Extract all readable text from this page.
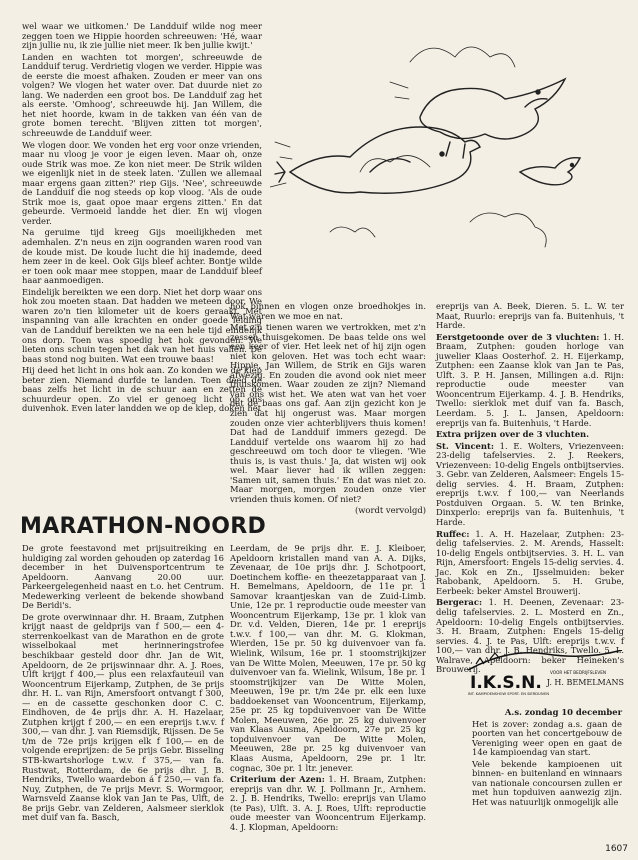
wel waar we uitkomen.' De Landduif wilde nog meer zeggen toen we Hippie hoorden schreeuwen: 'Hé, waar zijn jullie nu, ik zie jullie niet meer. Ik ben jullie kwijt.'

Landen en wachten tot morgen', schreeuwde de Landduif terug. Verdrietig vlogen we verder. Hippie was de eerste die moest afhaken. Zouden er meer van ons volgen? We vlogen het water over. Dat duurde niet zo lang. We naderden een groot bos. De Landduif zag het als eerste. 'Omhoog', schreeuwde hij. Jan Willem, die het niet hoorde, kwam in de takken van één van de grote bomen terecht. 'Blijven zitten tot morgen', schreeuwde de Landduif weer.

We vlogen door. We vonden het erg voor onze vrienden, maar nu vloog je voor je eigen leven. Maar oh, onze oude Strik was moe. Ze kon niet meer. De Strik wilden we eigenlijk niet in de steek laten. 'Zullen we allemaal maar ergens gaan zitten?' riep Gijs. 'Nee', schreeuwde de Landduif die nog steeds op kop vloog. 'Als de oude Strik moe is, gaat opoe maar ergens zitten.' En dat gebeurde. Vermoeid landde het dier. En wij vlogen verder.

Na geruime tijd kreeg Gijs moeilijkheden met ademhalen. Z'n neus en zijn oogranden waren rood van de koude mist. De koude lucht die hij inademde, deed hem zeer in de keel. Ook Gijs bleef achter. Bontje wilde er toen ook maar mee stoppen, maar de Landduif bleef haar aanmoedigen.

Eindelijk bereikten we een dorp. Niet het dorp waar ons hok zou moeten staan. Dat hadden we meteen door. We waren zo'n tien kilometer uit de koers geraakt. Met inspanning van alle krachten en onder goede leiding van de Landduif bereikten we na een hele tijd eindelijk ons dorp. Toen was spoedig het hok gevonden. We lieten ons schuin tegen het dak van het huis vallen. De baas stond nog buiten. Wat een trouwe baas!

Hij deed het licht in ons hok aan. Zo konden we de klep beter zien. Niemand durfde te landen. Toen deed de baas zelfs het licht in de schuur aan en zetten de schuurdeur open. Zo viel er genoeg licht op ons duivenhok. Even later landden we op de klep, doken het

hok binnen en vlogen onze broedhokjes in. Wat waren we moe en nat.

Met z'n tienen waren we vertrokken, met z'n zessen thuisgekomen. De baas telde ons wel een keer of vier. Het leek net of hij zijn ogen niet kon geloven. Het was toch echt waar: Hippie, Jan Willem, de Strik en Gijs waren afwezig. En zouden die avond ook niet meer thuiskomen. Waar zouden ze zijn? Niemand van ons wist het. We aten wat van het voer dat de baas ons gaf. Aan zijn gezicht kon je zien dat hij ongerust was. Maar morgen zouden onze vier achterblijvers thuis komen! Dat had de Landduif immers gezegd. De Landduif vertelde ons waarom hij zo had geschreeuwd om toch door te vliegen. 'Wie thuis is, is vast thuis.' Ja, dat wisten wij ook wel. Maar liever had ik willen zeggen: 'Samen uit, samen thuis.' En dat was niet zo. Maar morgen, morgen zouden onze vier vrienden thuis komen. Of niet?

(wordt vervolgd)

ereprijs van A. Beek, Dieren. 5. L. W. ter Maat, Ruurlo: ereprijs van fa. Buitenhuis, 't Harde.

Eerstgetoonde over de 3 vluchten: 1. H. Braam, Zutphen: gouden horloge van juwelier Klaas Oosterhof. 2. H. Eijerkamp, Zutphen: een Zaanse klok van Jan te Pas, Ulft. 3. P. H. Jansen, Millingen a.d. Rijn: reproductie oude meester van Wooncentrum Eijerkamp. 4. J. B. Hendriks, Twello: sierklok met duif van fa. Basch, Leerdam. 5. J. L. Jansen, Apeldoorn: ereprijs van fa. Buitenhuis, 't Harde.

Extra prijzen over de 3 vluchten.

St. Vincent: 1. E. Wolters, Vriezenveen: 23-delig tafelservies. 2. J. Reekers, Vriezenveen: 10-delig Engels ontbijtservies. 3. Gebr. van Zelderen, Aalsmeer: Engels 15-delig servies. 4. H. Braam, Zutphen: ereprijs t.w.v. f 100,— van Neerlands Postduiven Orgaan. 5. W. ten Brinke, Dinxperlo: ereprijs van fa. Buitenhuis, 't Harde.

Ruffec: 1. A. H. Hazelaar, Zutphen: 23-delig tafelservies. 2. M. Arends, Hasselt: 10-delig Engels ontbijtservies. 3. H. L. van Rijn, Amersfoort: Engels 15-delig servies. 4. Jac. Kok en Zn., IJsselmuiden: beker Rabobank, Apeldoorn. 5. H. Grube, Eerbeek: beker Amstel Brouwerij.

Bergerac: 1. H. Deenen, Zevenaar: 23-delig tafelservies. 2. L. Mosterd en Zn., Apeldoorn: 10-delig Engels ontbijtservies. 3. H. Braam, Zutphen: Engels 15-delig servies. 4. J. te Pas, Ulft: ereprijs t.w.v. f 100,— van dhr. J. B. Hendriks, Twello. 5. L. Walrave, Apeldoorn: beker Heineken's Brouwerij.

J. H. BEMELMANS
MARATHON-NOORD

De grote feestavond met prijsuitreiking en huldiging zal worden gehouden op zaterdag 16 december in het Duivensportcentrum te Apeldoorn. Aanvang 20.00 uur. Parkeergelegenheid naast en t.o. het Centrum. Medewerking verleent de bekende showband De Beridi's.

De grote overwinnaar dhr. H. Braam, Zutphen krijgt naast de geldprijs van f 500,— een 4-sterrenkoelkast van de Marathon en de grote wisselbokaal met herinneringstrofee beschikbaar gesteld door dhr. Jan de Wit, Apeldoorn, de 2e prijswinnaar dhr. A. J. Roes, Ulft krijgt f 400,— plus een relaxfauteuil van Wooncentrum Eijerkamp, Zutphen, de 3e prijs dhr. H. L. van Rijn, Amersfoort ontvangt f 300,— en de cassette geschonken door C. C. Eindhoven, de 4e prijs dhr. A. H. Hazelaar, Zutphen krijgt f 200,— en een ereprijs t.w.v. f 300,— van dhr. J. van Riemsdijk, Rijssen. De 5e t/m de 72e prijs krijgen elk f 100,— en de volgende ereprijzen: de 5e prijs Gebr. Bisseling STB-kwartshorloge t.w.v. f 375,— van fa. Rustwat, Rotterdam, de 6e prijs dhr. J. B. Hendriks, Twello waardebon á f 250,— van fa. Nuy, Zutphen, de 7e prijs Mevr. S. Wormgoor, Warnsveld Zaanse klok van Jan te Pas, Ulft, de 8e prijs Gebr. van Zelderen, Aalsmeer sierklok met duif van fa. Basch,

Leerdam, de 9e prijs dhr. E. J. Kleiboer, Apeldoorn kristallen mand van A. A. Dijks, Zevenaar, de 10e prijs dhr. J. Schotpoort, Doetinchem koffie- en theezetapparaat van J. H. Bemelmans, Apeldoorn, de 11e pr. 1 Samovar kraantjeskan van de Zuid-Limb. Unie, 12e pr. 1 reproductie oude meester van Wooncentrum Eijerkamp, 13e pr. 1 klok van Dr. v.d. Velden, Dieren, 14e pr. 1 ereprijs t.w.v. f 100,— van dhr. M. G. Klokman, Wierden, 15e pr. 50 kg duivenvoer van fa. Wielink, Wilsum, 16e pr. 1 stoomstrijkijzer van De Witte Molen, Meeuwen, 17e pr. 50 kg duivenvoer van fa. Wielink, Wilsum, 18e pr. 1 stoomstrijkijzer van De Witte Molen, Meeuwen, 19e pr. t/m 24e pr. elk een luxe baddoekenset van Wooncentrum, Eijerkamp, 25e pr. 25 kg topduivenvoer van De Witte Molen, Meeuwen, 26e pr. 25 kg duivenvoer van Klaas Ausma, Apeldoorn, 27e pr. 25 kg topduivenvoer van De Witte Molen, Meeuwen, 28e pr. 25 kg duivenvoer van Klaas Ausma, Apeldoorn, 29e pr. 1 ltr. cognac, 30e pr. 1 ltr. jenever.

Criterium der Azen: 1. H. Braam, Zutphen: ereprijs van dhr. W. J. Pollmann Jr., Arnhem. 2. J. B. Hendriks, Twello: ereprijs van Ulamo (te Pas), Ulft. 3. A. J. Roes, Ulft: reproductie oude meester van Wooncentrum Eijerkamp. 4. J. Klopman, Apeldoorn:

I.K.S.N.
VOOR HET BEDRIJFSLEVEN
INT. KAMPIOENSHOW SPORT- EN SIERDUIVEN
A.s. zondag 10 december

Het is zover: zondag a.s. gaan de poorten van het concertgebouw de Vereniging weer open en gaat de 14e kampioendag van start.

Vele bekende kampioenen uit binnen- en buitenland en winnaars van nationale concoursen zullen er met hun topduiven aanwezig zijn. Het was natuurlijk onmogelijk alle

1607
